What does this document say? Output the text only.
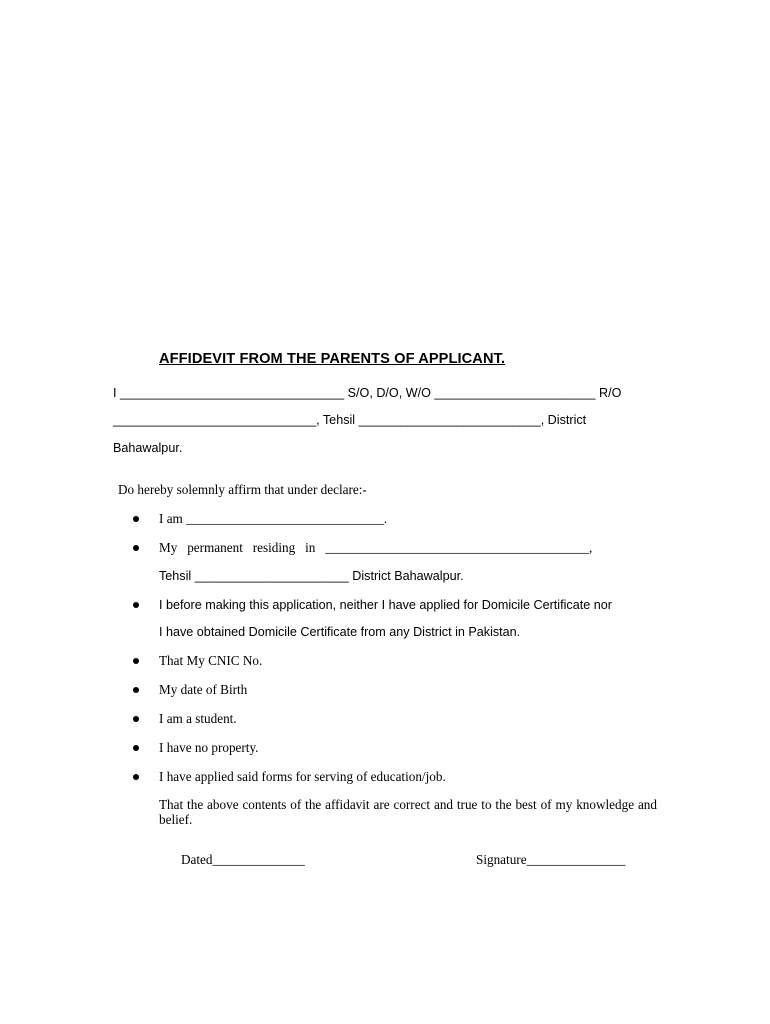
AFFIDEVIT FROM THE PARENTS OF APPLICANT.
I ________________________________ S/O, D/O, W/O _______________________ R/O
_____________________________, Tehsil __________________________, District
Bahawalpur.
Do hereby solemnly affirm that under declare:-
I am ______________________________.
My   permanent   residing   in   ________________________________________,
Tehsil ______________________ District Bahawalpur.
I before making this application, neither I have applied for Domicile Certificate nor
I have obtained Domicile Certificate from any District in Pakistan.
That My CNIC No.
My date of Birth
I am a student.
I have no property.
I have applied said forms for serving of education/job.
That the above contents of the affidavit are correct and true to the best of my knowledge and belief.
Dated______________	Signature_______________
